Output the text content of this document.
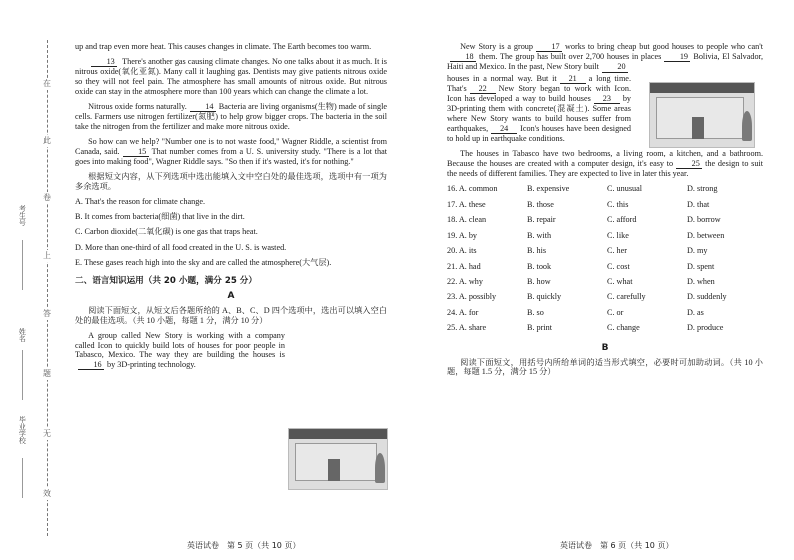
在
此
卷
上
答
题
无
效
考生号
姓名
毕业学校

up and trap even more heat. This causes changes in climate. The Earth becomes too warm.

13 There's another gas causing climate changes. No one talks about it as much. It is nitrous oxide(氧化亚氮). Many call it laughing gas. Dentists may give patients nitrous oxide so they will not feel pain. The atmosphere has small amounts of nitrous oxide. But nitrous oxide can stay in the atmosphere more than 100 years which can change the climate a lot.

Nitrous oxide forms naturally. 14 Bacteria are living organisms(生物) made of single cells. Farmers use nitrogen fertilizer(氮肥) to help grow bigger crops. The bacteria in the soil take the nitrogen from the fertilizer and make more nitrous oxide.

So how can we help? "Number one is to not waste food," Wagner Riddle, a scientist from Canada, said. 15 That number comes from a U. S. university study. "There is a lot that goes into making food", Wagner Riddle says. "So then if it's wasted, it's for nothing."

根据短文内容，从下列选项中选出能填入文中空白处的最佳选项，选项中有一项为多余选项。

A. That's the reason for climate change.
B. It comes from bacteria(细菌) that live in the dirt.
C. Carbon dioxide(二氧化碳) is one gas that traps heat.
D. More than one-third of all food created in the U. S. is wasted.
E. These gases reach high into the sky and are called the atmosphere(大气层).
二、语言知识运用（共 20 小题，满分 25 分）
A

阅读下面短文，从短文后各题所给的 A、B、C、D 四个选项中，选出可以填入空白处的最佳选项。（共 10 小题，每题 1 分，满分 10 分）

A group called New Story is working with a company called Icon to quickly build lots of houses for poor people in Tabasco, Mexico. The way they are building the houses is16 by 3D-printing technology.

英语试卷　第 5 页（共 10 页）

New Story is a group 17 works to bring cheap but good houses to people who can't 18 them. The group has built over 2,700 houses in places 19 Bolivia, El Salvador, Haiti and Mexico. In the past, New Story built 20

houses in a normal way. But it 21 a long time. That's 22 New Story began to work with Icon. Icon has developed a way to build houses 23 by 3D-printing them with concrete(混凝土). Some areas where New Story wants to build houses suffer from earthquakes, 24 Icon's houses have been designed to hold up in earthquake conditions.

The houses in Tabasco have two bedrooms, a living room, a kitchen, and a bathroom. Because the houses are created with a computer design, it's easy to 25 the design to suit the needs of different families. They are expected to live in later this year.

16. A. common	B. expensive	C. unusual	D. strong
17. A. these	B. those	C. this	D. that
18. A. clean	B. repair	C. afford	D. borrow
19. A. by	B. with	C. like	D. between
20. A. its	B. his	C. her	D. my
21. A. had	B. took	C. cost	D. spent
22. A. why	B. how	C. what	D. when
23. A. possibly	B. quickly	C. carefully	D. suddenly
24. A. for	B. so	C. or	D. as
25. A. share	B. print	C. change	D. produce
B

阅读下面短文，用括号内所给单词的适当形式填空，必要时可加助动词。（共 10 小题，每题 1.5 分，满分 15 分）

英语试卷　第 6 页（共 10 页）
